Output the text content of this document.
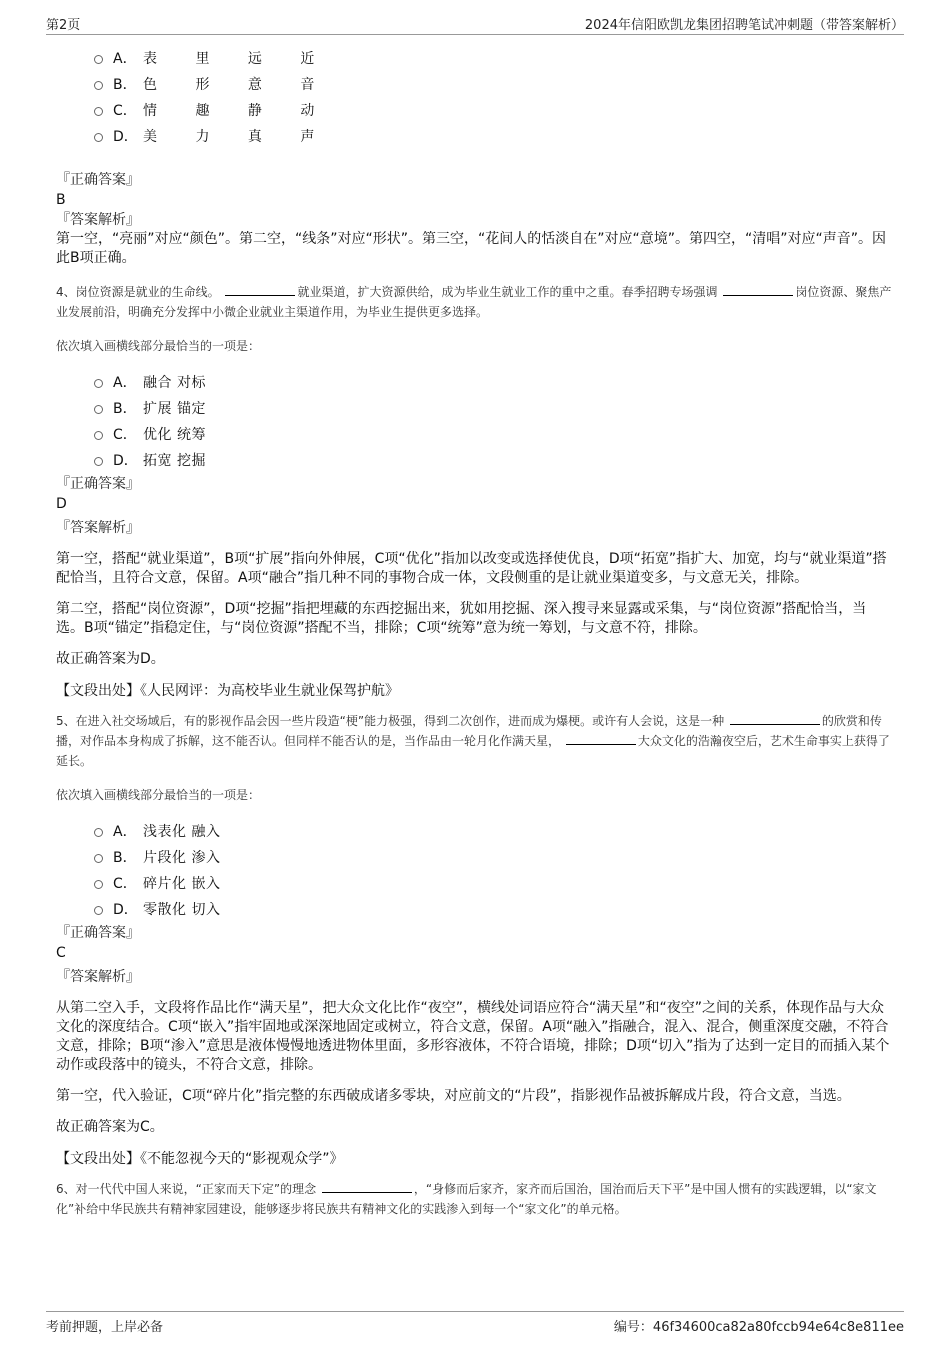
第2页	2024年信阳欧凯龙集团招聘笔试冲刺题（带答案解析）
A． 表 里 远 近
B． 色 形 意 音
C． 情 趣 静 动
D． 美 力 真 声
『正确答案』
B
『答案解析』

第一空，“亮丽”对应“颜色”。第二空，“线条”对应“形状”。第三空，“花间人的恬淡自在”对应“意境”。第四空，“清唱”对应“声音”。因此B项正确。

4、岗位资源是就业的生命线。	就业渠道，扩大资源供给，成为毕业生就业工作的重中之重。春季招聘专场强调	岗位资源、聚焦产业发展前沿，明确充分发挥中小微企业就业主渠道作用，为毕业生提供更多选择。

依次填入画横线部分最恰当的一项是：

A． 融合 对标
B． 扩展 锚定
C． 优化 统筹
D． 拓宽 挖掘
『正确答案』
D
『答案解析』

第一空，搭配“就业渠道”，B项“扩展”指向外伸展，C项“优化”指加以改变或选择使优良，D项“拓宽”指扩大、加宽，均与“就业渠道”搭配恰当，且符合文意，保留。A项“融合”指几种不同的事物合成一体，文段侧重的是让就业渠道变多，与文意无关，排除。

第二空，搭配“岗位资源”，D项“挖掘”指把埋藏的东西挖掘出来，犹如用挖掘、深入搜寻来显露或采集，与“岗位资源”搭配恰当，当选。B项“锚定”指稳定住，与“岗位资源”搭配不当，排除；C项“统筹”意为统一筹划，与文意不符，排除。

故正确答案为D。

【文段出处】《人民网评：为高校毕业生就业保驾护航》

5、在进入社交场域后，有的影视作品会因一些片段造“梗”能力极强，得到二次创作，进而成为爆梗。或许有人会说，这是一种	的欣赏和传播，对作品本身构成了拆解，这不能否认。但同样不能否认的是，当作品由一轮月化作满天星，	大众文化的浩瀚夜空后，艺术生命事实上获得了延长。

依次填入画横线部分最恰当的一项是：

A． 浅表化 融入
B． 片段化 渗入
C． 碎片化 嵌入
D． 零散化 切入
『正确答案』
C
『答案解析』

从第二空入手，文段将作品比作“满天星”，把大众文化比作“夜空”，横线处词语应符合“满天星”和“夜空”之间的关系，体现作品与大众文化的深度结合。C项“嵌入”指牢固地或深深地固定或树立，符合文意，保留。A项“融入”指融合，混入、混合，侧重深度交融，不符合文意，排除；B项“渗入”意思是液体慢慢地透进物体里面，多形容液体，不符合语境，排除；D项“切入”指为了达到一定目的而插入某个动作或段落中的镜头，不符合文意，排除。

第一空，代入验证，C项“碎片化”指完整的东西破成诸多零块，对应前文的“片段”，指影视作品被拆解成片段，符合文意，当选。

故正确答案为C。

【文段出处】《不能忽视今天的“影视观众学”》

6、对一代代中国人来说，“正家而天下定”的理念	，“身修而后家齐，家齐而后国治，国治而后天下平”是中国人惯有的实践逻辑，以“家文化”补给中华民族共有精神家园建设，能够逐步将民族共有精神文化的实践渗入到每一个“家文化”的单元格。

考前押题，上岸必备	编号：46f34600ca82a80fccb94e64c8e811ee
